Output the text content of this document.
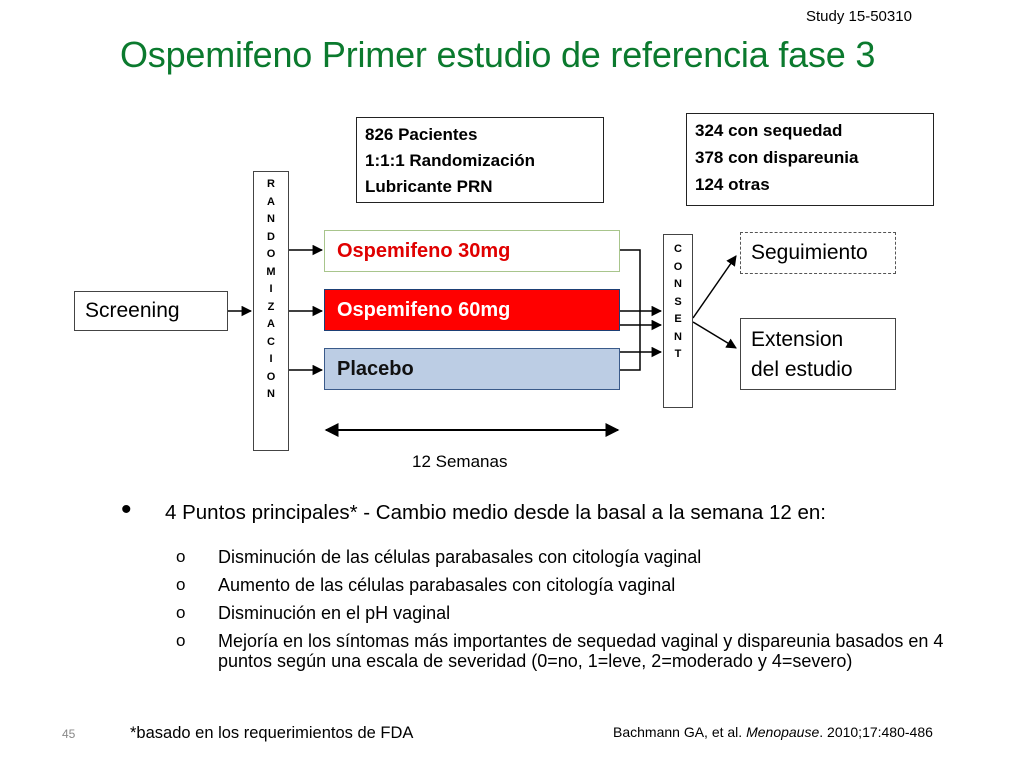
Study 15-50310
Ospemifeno Primer estudio de referencia fase 3
826 Pacientes
1:1:1 Randomización
Lubricante PRN
324 con sequedad
378 con dispareunia
124 otras
Screening
R
A
N
D
O
M
I
Z
A
C
I
O
N
Ospemifeno 30mg
Ospemifeno 60mg
Placebo
C
O
N
S
E
N
T
Seguimiento
Extension
del estudio
12 Semanas
• 4 Puntos principales* - Cambio medio desde la basal a la semana 12 en:
o Disminución de las células parabasales con citología vaginal
o Aumento de las células parabasales con citología vaginal
o Disminución en el pH vaginal
o Mejoría en los síntomas más importantes de sequedad vaginal y dispareunia basados en 4 puntos según una escala de severidad (0=no, 1=leve, 2=moderado y 4=severo)
45	*basado en los requerimientos de FDA	Bachmann GA, et al. Menopause. 2010;17:480-486
